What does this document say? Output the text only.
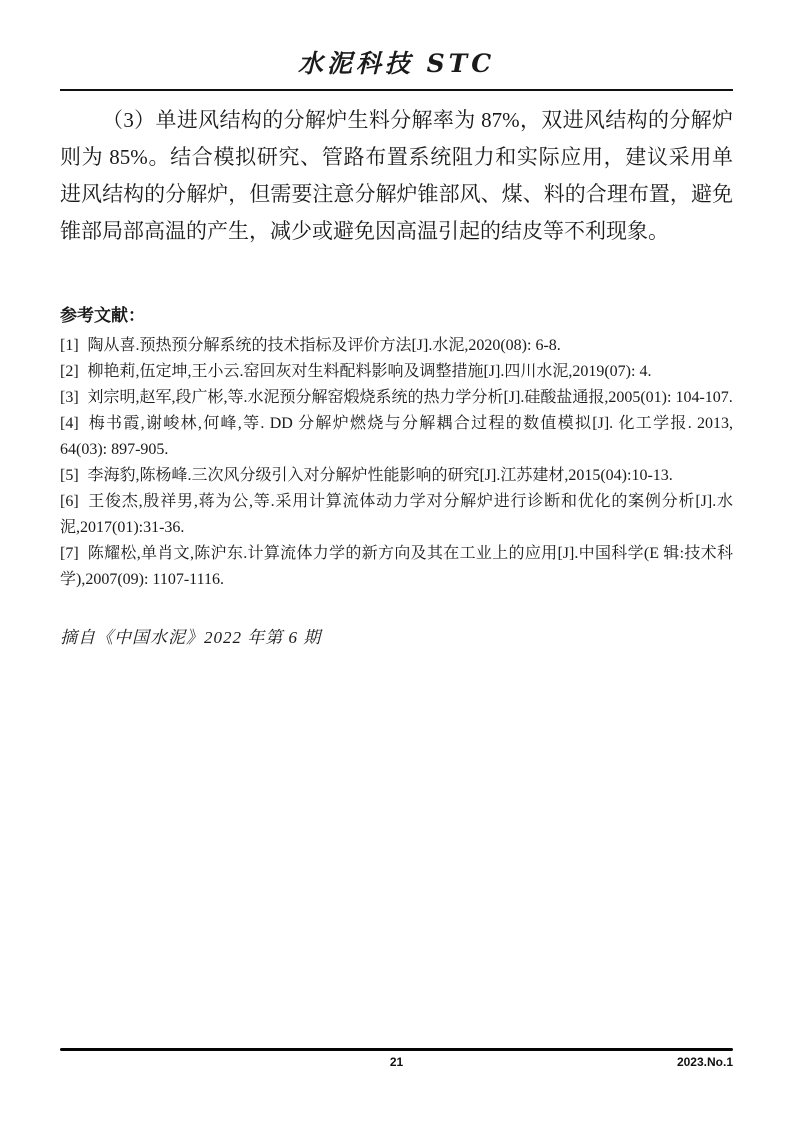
水泥科技 STC

（3）单进风结构的分解炉生料分解率为 87%，双进风结构的分解炉则为 85%。结合模拟研究、管路布置系统阻力和实际应用，建议采用单进风结构的分解炉，但需要注意分解炉锥部风、煤、料的合理布置，避免锥部局部高温的产生，减少或避免因高温引起的结皮等不利现象。

参考文献：

[1] 陶从喜.预热预分解系统的技术指标及评价方法[J].水泥,2020(08): 6-8.

[2] 柳艳莉,伍定坤,王小云.窑回灰对生料配料影响及调整措施[J].四川水泥,2019(07): 4.

[3] 刘宗明,赵军,段广彬,等.水泥预分解窑煅烧系统的热力学分析[J].硅酸盐通报,2005(01): 104-107.

[4] 梅书霞,谢峻林,何峰,等. DD 分解炉燃烧与分解耦合过程的数值模拟[J]. 化工学报. 2013, 64(03): 897-905.

[5] 李海豹,陈杨峰.三次风分级引入对分解炉性能影响的研究[J].江苏建材,2015(04):10-13.

[6] 王俊杰,殷祥男,蒋为公,等.采用计算流体动力学对分解炉进行诊断和优化的案例分析[J].水泥,2017(01):31-36.

[7] 陈耀松,单肖文,陈沪东.计算流体力学的新方向及其在工业上的应用[J].中国科学(E 辑:技术科学),2007(09): 1107-1116.

摘自《中国水泥》2022 年第 6 期
21	2023.No.1
